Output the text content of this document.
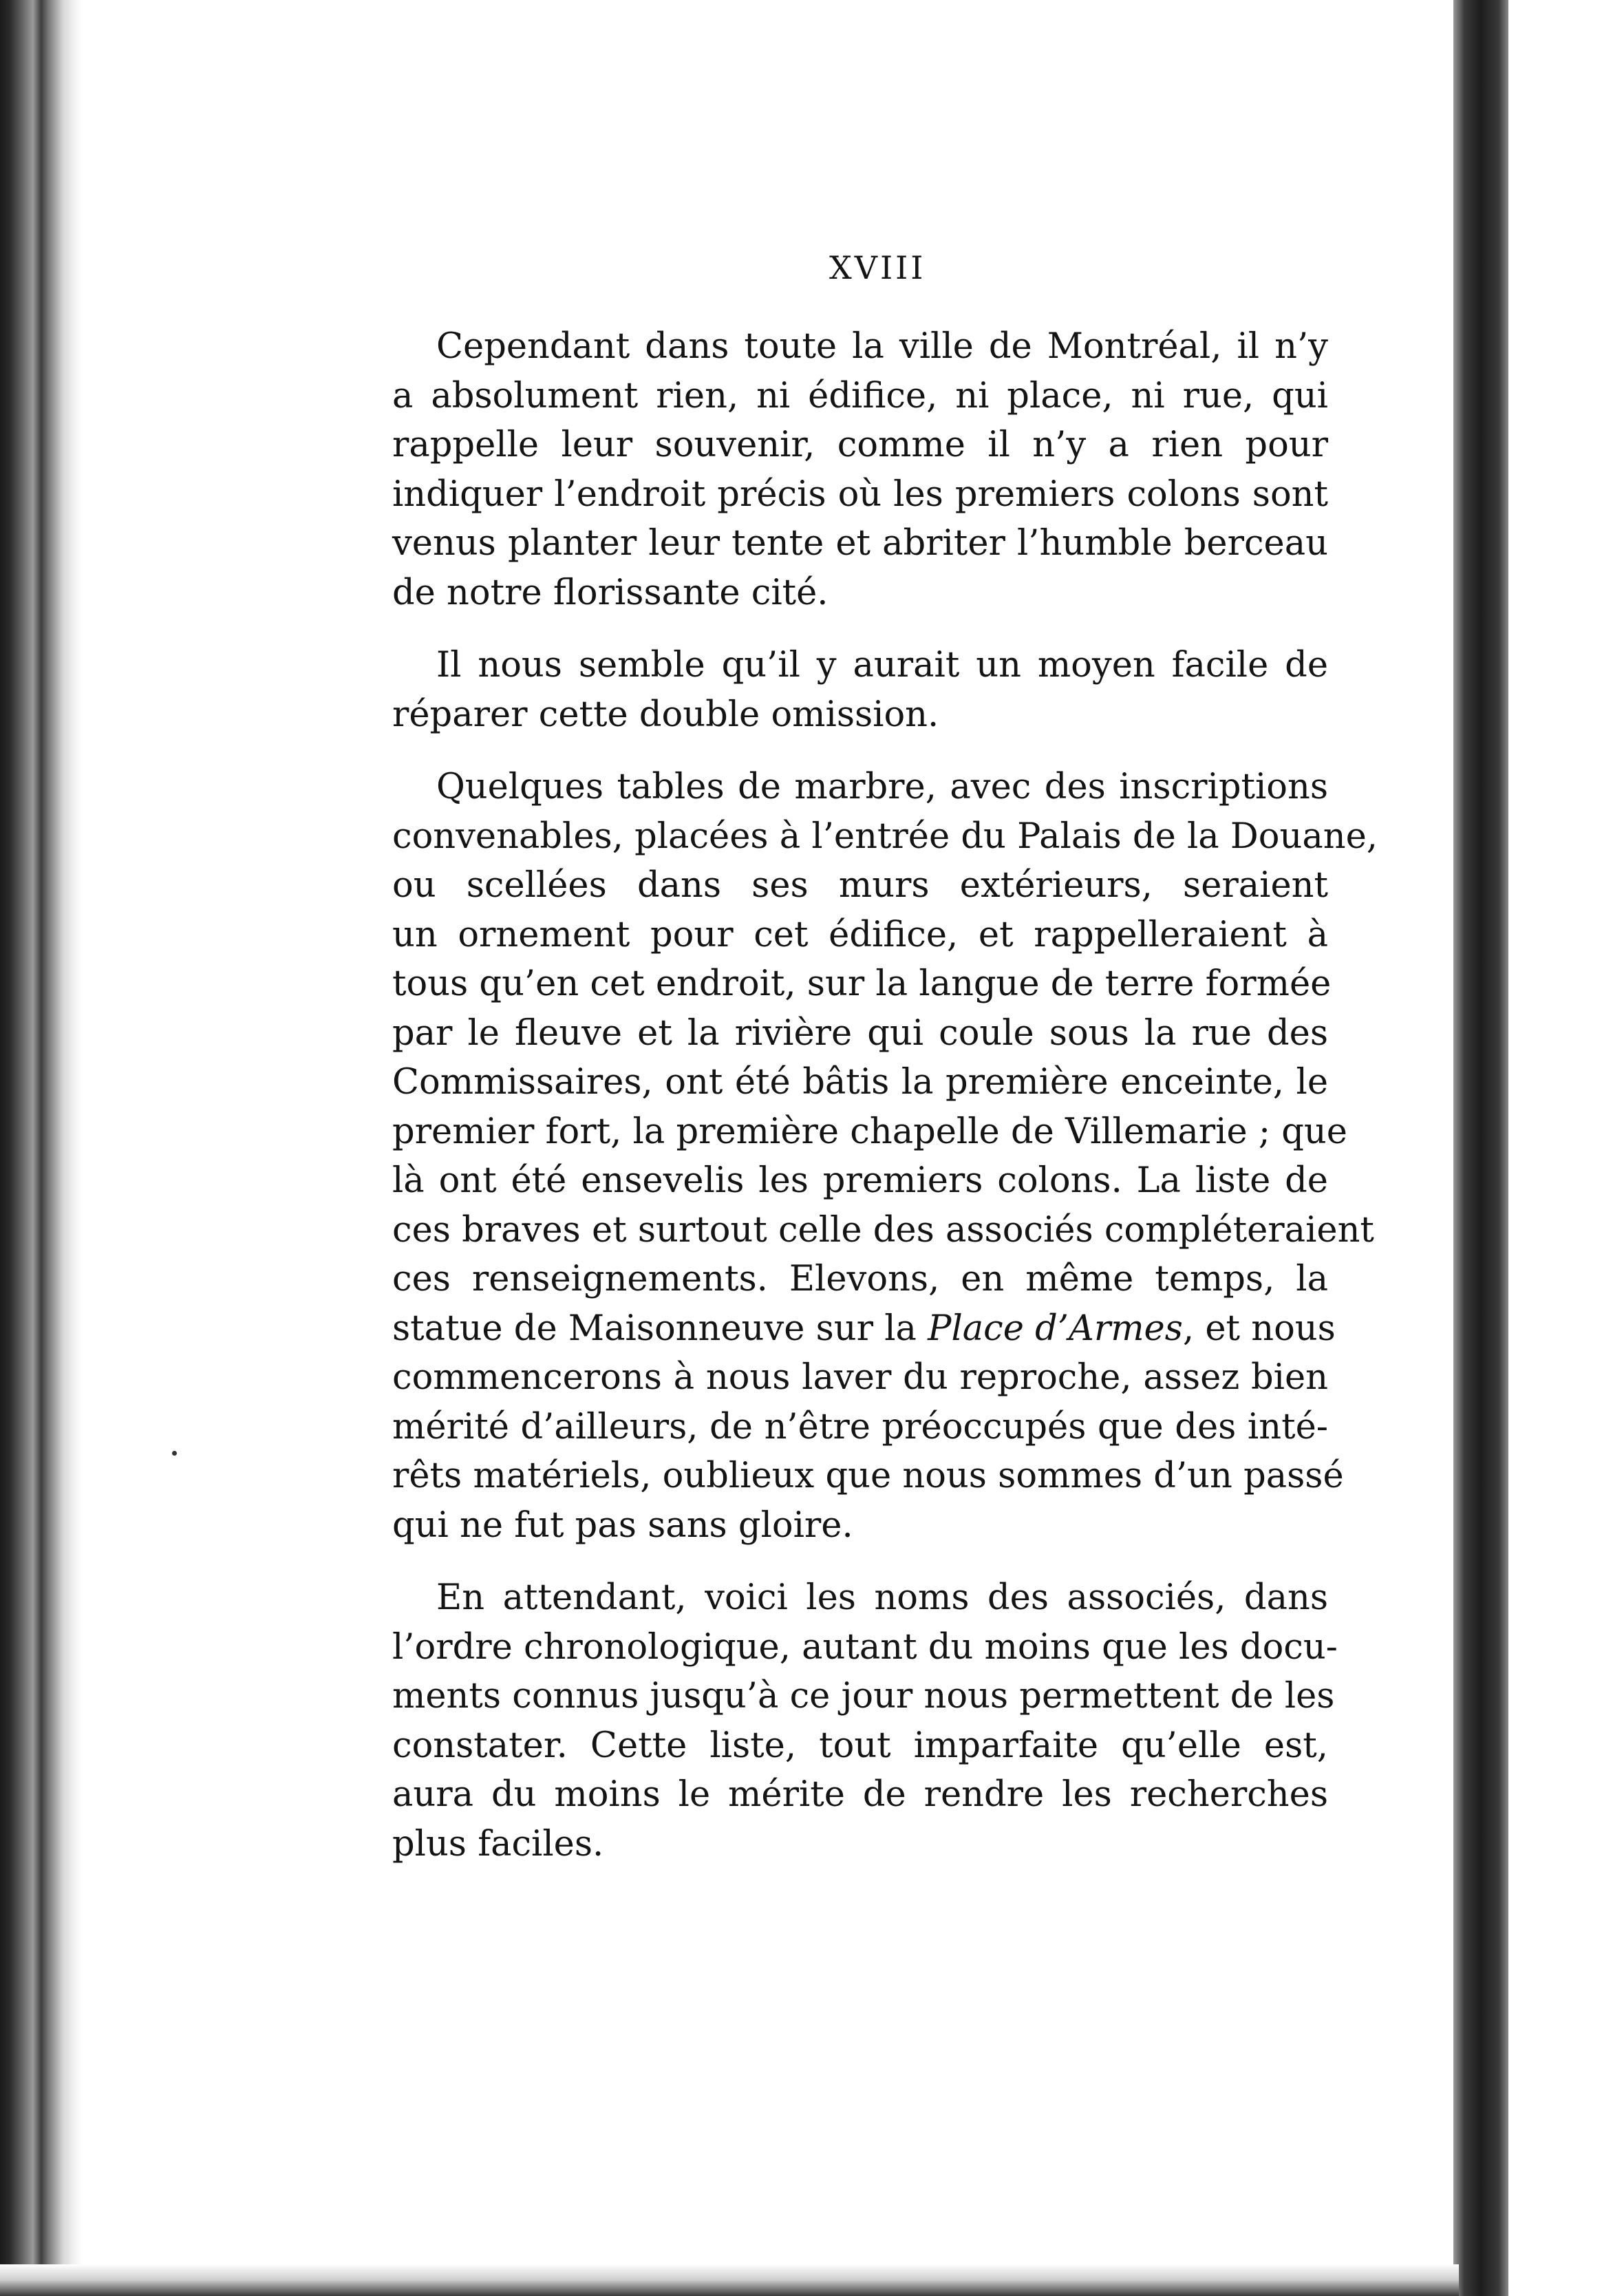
XVIII

Cependant dans toute la ville de Montréal, il n’y
a absolument rien, ni édifice, ni place, ni rue, qui
rappelle leur souvenir, comme il n’y a rien pour
indiquer l’endroit précis où les premiers colons sont
venus planter leur tente et abriter l’humble berceau
de notre florissante cité.

Il nous semble qu’il y aurait un moyen facile de
réparer cette double omission.

Quelques tables de marbre, avec des inscriptions
convenables, placées à l’entrée du Palais de la Douane,
ou scellées dans ses murs extérieurs, seraient
un ornement pour cet édifice, et rappelleraient à
tous qu’en cet endroit, sur la langue de terre formée
par le fleuve et la rivière qui coule sous la rue des
Commissaires, ont été bâtis la première enceinte, le
premier fort, la première chapelle de Villemarie ; que
là ont été ensevelis les premiers colons. La liste de
ces braves et surtout celle des associés compléteraient
ces renseignements. Elevons, en même temps, la
statue de Maisonneuve sur la Place d’Armes, et nous
commencerons à nous laver du reproche, assez bien
mérité d’ailleurs, de n’être préoccupés que des inté-
rêts matériels, oublieux que nous sommes d’un passé
qui ne fut pas sans gloire.

En attendant, voici les noms des associés, dans
l’ordre chronologique, autant du moins que les docu-
ments connus jusqu’à ce jour nous permettent de les
constater. Cette liste, tout imparfaite qu’elle est,
aura du moins le mérite de rendre les recherches
plus faciles.
